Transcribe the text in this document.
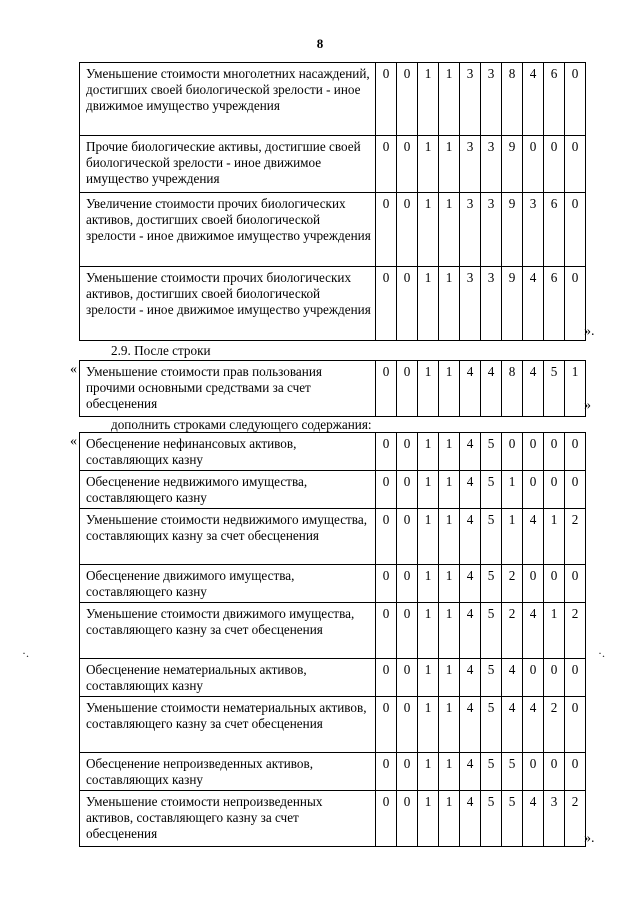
8
Уменьшение стоимости многолетних насаждений, достигших своей биологической зрелости - иное движимое имущество учреждения	0	0	1	1	3	3	8	4	6	0
Прочие биологические активы, достигшие своей биологической зрелости - иное движимое имущество учреждения	0	0	1	1	3	3	9	0	0	0
Увеличение стоимости прочих биологических активов, достигших своей биологической зрелости - иное движимое имущество учреждения	0	0	1	1	3	3	9	3	6	0
Уменьшение стоимости прочих биологических активов, достигших своей биологической зрелости - иное движимое имущество учреждения	0	0	1	1	3	3	9	4	6	0
».
2.9. После строки
« Уменьшение стоимости прав пользования прочими основными средствами за счет обесценения	0	0	1	1	4	4	8	4	5	1
»
дополнить строками следующего содержания:
« Обесценение нефинансовых активов, составляющих казну	0	0	1	1	4	5	0	0	0	0
Обесценение недвижимого имущества, составляющего казну	0	0	1	1	4	5	1	0	0	0
Уменьшение стоимости недвижимого имущества, составляющих казну за счет обесценения	0	0	1	1	4	5	1	4	1	2
Обесценение движимого имущества, составляющего казну	0	0	1	1	4	5	2	0	0	0
Уменьшение стоимости движимого имущества, составляющего казну за счет обесценения	0	0	1	1	4	5	2	4	1	2
Обесценение нематериальных активов, составляющих казну	0	0	1	1	4	5	4	0	0	0
Уменьшение стоимости нематериальных активов, составляющего казну за счет обесценения	0	0	1	1	4	5	4	4	2	0
Обесценение непроизведенных активов, составляющих казну	0	0	1	1	4	5	5	0	0	0
Уменьшение стоимости непроизведенных активов, составляющего казну за счет обесценения	0	0	1	1	4	5	5	4	3	2
».
·.	·.
